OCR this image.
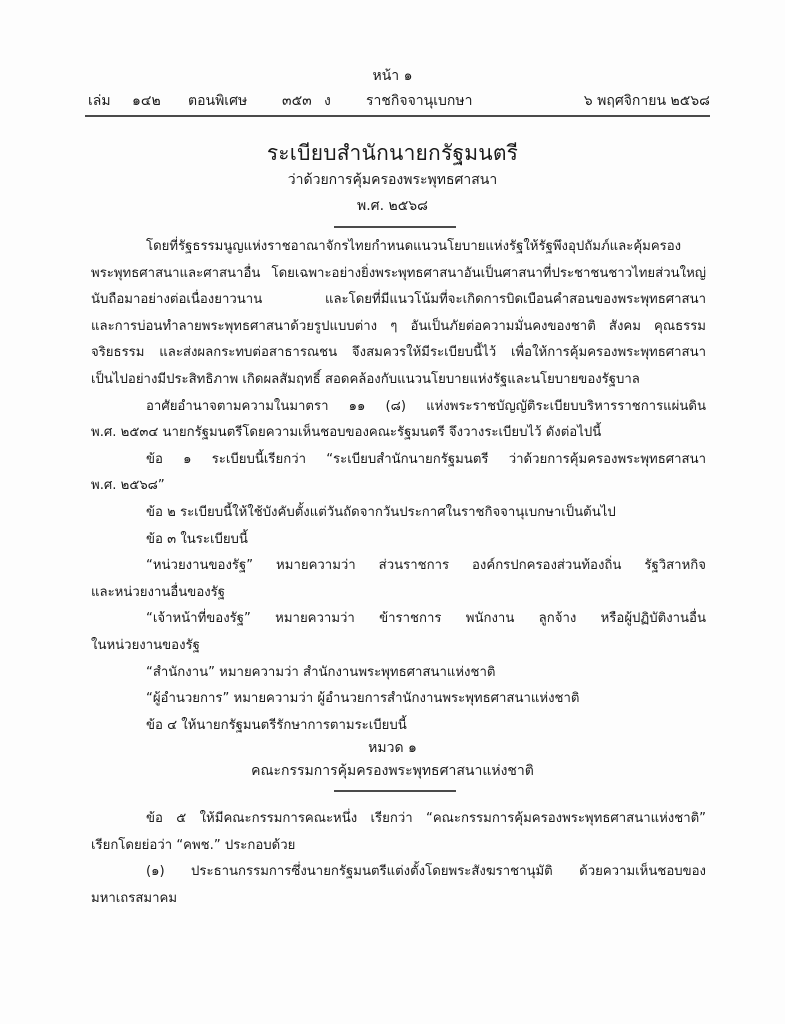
หน้า ๑
เล่ม ๑๔๒ ตอนพิเศษ ๓๕๓ ง	ราชกิจจานุเบกษา	๖ พฤศจิกายน ๒๕๖๘
ระเบียบสำนักนายกรัฐมนตรี
ว่าด้วยการคุ้มครองพระพุทธศาสนา
พ.ศ. ๒๕๖๘
โดยที่รัฐธรรมนูญแห่งราชอาณาจักรไทยกำหนดแนวนโยบายแห่งรัฐให้รัฐพึงอุปถัมภ์และคุ้มครอง
พระพุทธศาสนาและศาสนาอื่น โดยเฉพาะอย่างยิ่งพระพุทธศาสนาอันเป็นศาสนาที่ประชาชนชาวไทยส่วนใหญ่
นับถือมาอย่างต่อเนื่องยาวนาน และโดยที่มีแนวโน้มที่จะเกิดการบิดเบือนคำสอนของพระพุทธศาสนา
และการบ่อนทำลายพระพุทธศาสนาด้วยรูปแบบต่าง ๆ อันเป็นภัยต่อความมั่นคงของชาติ สังคม คุณธรรม
จริยธรรม และส่งผลกระทบต่อสาธารณชน จึงสมควรให้มีระเบียบนี้ไว้ เพื่อให้การคุ้มครองพระพุทธศาสนา
เป็นไปอย่างมีประสิทธิภาพ เกิดผลสัมฤทธิ์ สอดคล้องกับแนวนโยบายแห่งรัฐและนโยบายของรัฐบาล
อาศัยอำนาจตามความในมาตรา ๑๑ (๘) แห่งพระราชบัญญัติระเบียบบริหารราชการแผ่นดิน
พ.ศ. ๒๕๓๔ นายกรัฐมนตรีโดยความเห็นชอบของคณะรัฐมนตรี จึงวางระเบียบไว้ ดังต่อไปนี้
ข้อ ๑ ระเบียบนี้เรียกว่า “ระเบียบสำนักนายกรัฐมนตรี ว่าด้วยการคุ้มครองพระพุทธศาสนา
พ.ศ. ๒๕๖๘”
ข้อ ๒ ระเบียบนี้ให้ใช้บังคับตั้งแต่วันถัดจากวันประกาศในราชกิจจานุเบกษาเป็นต้นไป
ข้อ ๓ ในระเบียบนี้
“หน่วยงานของรัฐ” หมายความว่า ส่วนราชการ องค์กรปกครองส่วนท้องถิ่น รัฐวิสาหกิจ
และหน่วยงานอื่นของรัฐ
“เจ้าหน้าที่ของรัฐ” หมายความว่า ข้าราชการ พนักงาน ลูกจ้าง หรือผู้ปฏิบัติงานอื่น
ในหน่วยงานของรัฐ
“สำนักงาน” หมายความว่า สำนักงานพระพุทธศาสนาแห่งชาติ
“ผู้อำนวยการ” หมายความว่า ผู้อำนวยการสำนักงานพระพุทธศาสนาแห่งชาติ
ข้อ ๔ ให้นายกรัฐมนตรีรักษาการตามระเบียบนี้
หมวด ๑
คณะกรรมการคุ้มครองพระพุทธศาสนาแห่งชาติ
ข้อ ๕ ให้มีคณะกรรมการคณะหนึ่ง เรียกว่า “คณะกรรมการคุ้มครองพระพุทธศาสนาแห่งชาติ”
เรียกโดยย่อว่า “คพช.” ประกอบด้วย
(๑) ประธานกรรมการซึ่งนายกรัฐมนตรีแต่งตั้งโดยพระสังฆราชานุมัติ ด้วยความเห็นชอบของ
มหาเถรสมาคม
